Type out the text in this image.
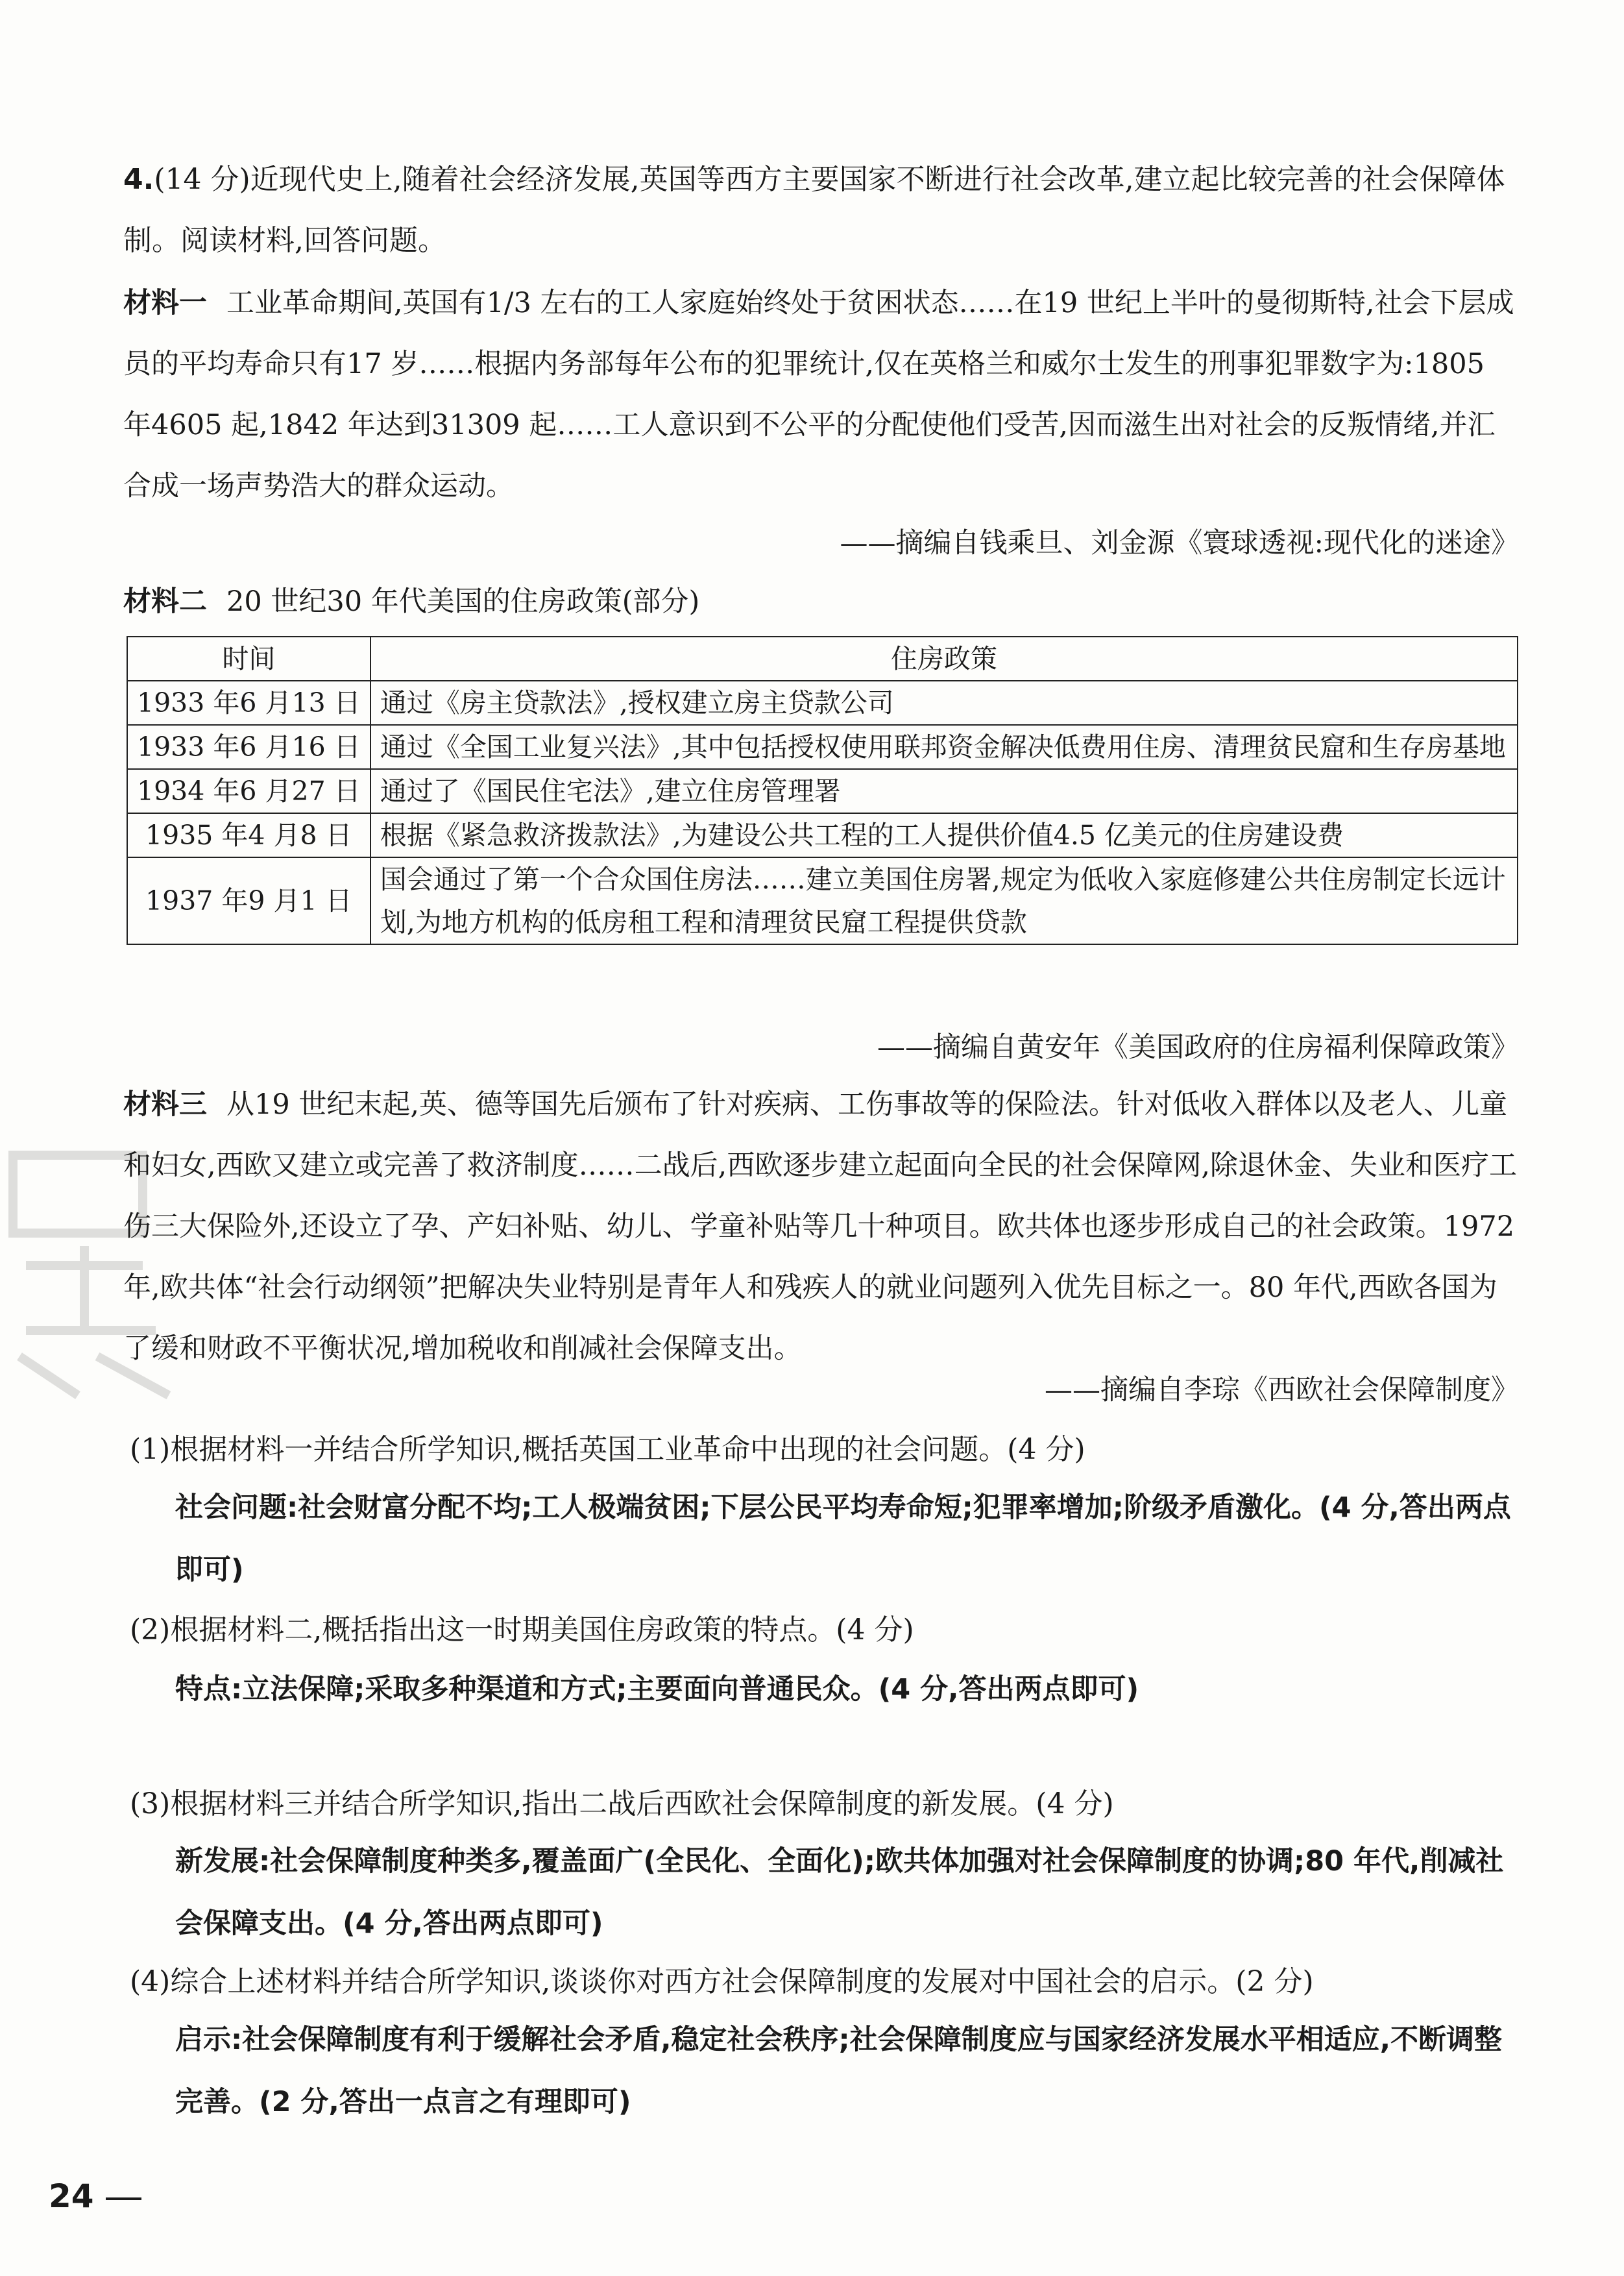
4.(14 分)近现代史上,随着社会经济发展,英国等西方主要国家不断进行社会改革,建立起比较完善的社会保障体
制。阅读材料,回答问题。
材料一 工业革命期间,英国有1/3 左右的工人家庭始终处于贫困状态……在19 世纪上半叶的曼彻斯特,社会下层成员的平均寿命只有17 岁……根据内务部每年公布的犯罪统计,仅在英格兰和威尔士发生的刑事犯罪数字为:1805 年4605 起,1842 年达到31309 起……工人意识到不公平的分配使他们受苦,因而滋生出对社会的反叛情绪,并汇合成一场声势浩大的群众运动。
——摘编自钱乘旦、刘金源《寰球透视:现代化的迷途》
材料二 20 世纪30 年代美国的住房政策(部分)
时间	住房政策
1933 年6 月13 日	通过《房主贷款法》,授权建立房主贷款公司
1933 年6 月16 日	通过《全国工业复兴法》,其中包括授权使用联邦资金解决低费用住房、清理贫民窟和生存房基地
1934 年6 月27 日	通过了《国民住宅法》,建立住房管理署
1935 年4 月8 日	根据《紧急救济拨款法》,为建设公共工程的工人提供价值4.5 亿美元的住房建设费
1937 年9 月1 日	国会通过了第一个合众国住房法……建立美国住房署,规定为低收入家庭修建公共住房制定长远计划,为地方机构的低房租工程和清理贫民窟工程提供贷款
——摘编自黄安年《美国政府的住房福利保障政策》
材料三 从19 世纪末起,英、德等国先后颁布了针对疾病、工伤事故等的保险法。针对低收入群体以及老人、儿童和妇女,西欧又建立或完善了救济制度……二战后,西欧逐步建立起面向全民的社会保障网,除退休金、失业和医疗工伤三大保险外,还设立了孕、产妇补贴、幼儿、学童补贴等几十种项目。欧共体也逐步形成自己的社会政策。1972 年,欧共体“社会行动纲领”把解决失业特别是青年人和残疾人的就业问题列入优先目标之一。80 年代,西欧各国为了缓和财政不平衡状况,增加税收和削减社会保障支出。
——摘编自李琮《西欧社会保障制度》
(1)根据材料一并结合所学知识,概括英国工业革命中出现的社会问题。(4 分)
社会问题:社会财富分配不均;工人极端贫困;下层公民平均寿命短;犯罪率增加;阶级矛盾激化。(4 分,答出两点即可)
(2)根据材料二,概括指出这一时期美国住房政策的特点。(4 分)
特点:立法保障;采取多种渠道和方式;主要面向普通民众。(4 分,答出两点即可)
(3)根据材料三并结合所学知识,指出二战后西欧社会保障制度的新发展。(4 分)
新发展:社会保障制度种类多,覆盖面广(全民化、全面化);欧共体加强对社会保障制度的协调;80 年代,削减社会保障支出。(4 分,答出两点即可)
(4)综合上述材料并结合所学知识,谈谈你对西方社会保障制度的发展对中国社会的启示。(2 分)
启示:社会保障制度有利于缓解社会矛盾,稳定社会秩序;社会保障制度应与国家经济发展水平相适应,不断调整完善。(2 分,答出一点言之有理即可)
24
